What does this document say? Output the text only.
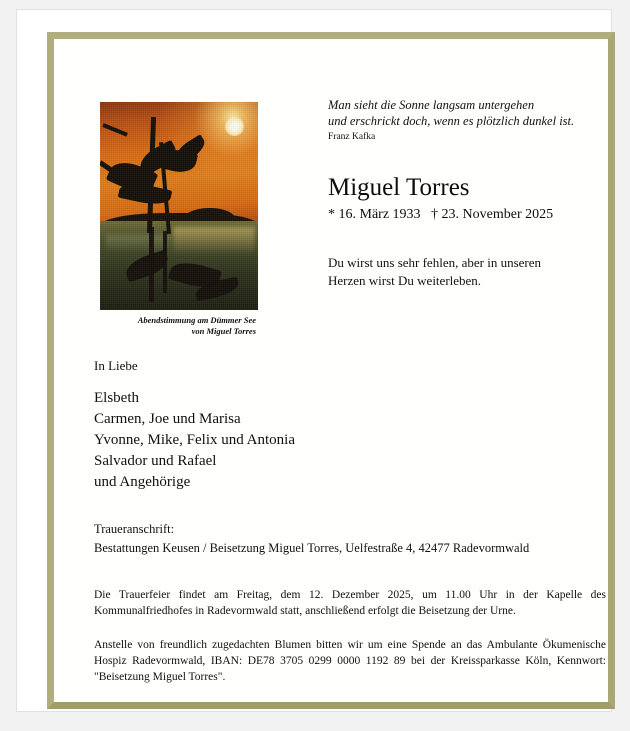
Abendstimmung am Dümmer See
von Miguel Torres
Man sieht die Sonne langsam untergehen
und erschrickt doch, wenn es plötzlich dunkel ist.
Franz Kafka
Miguel Torres
* 16. März 1933   † 23. November 2025
Du wirst uns sehr fehlen, aber in unseren
Herzen wirst Du weiterleben.
In Liebe
Elsbeth
Carmen, Joe und Marisa
Yvonne, Mike, Felix und Antonia
Salvador und Rafael
und Angehörige
Traueranschrift:
Bestattungen Keusen / Beisetzung Miguel Torres, Uelfestraße 4, 42477 Radevormwald
Die Trauerfeier findet am Freitag, dem 12. Dezember 2025, um 11.00 Uhr in der Kapelle des Kommunalfriedhofes in Radevormwald statt, anschließend erfolgt die Beisetzung der Urne.
Anstelle von freundlich zugedachten Blumen bitten wir um eine Spende an das Ambulante Ökumenische Hospiz Radevormwald, IBAN: DE78 3705 0299 0000 1192 89 bei der Kreissparkasse Köln, Kennwort: "Beisetzung Miguel Torres".
